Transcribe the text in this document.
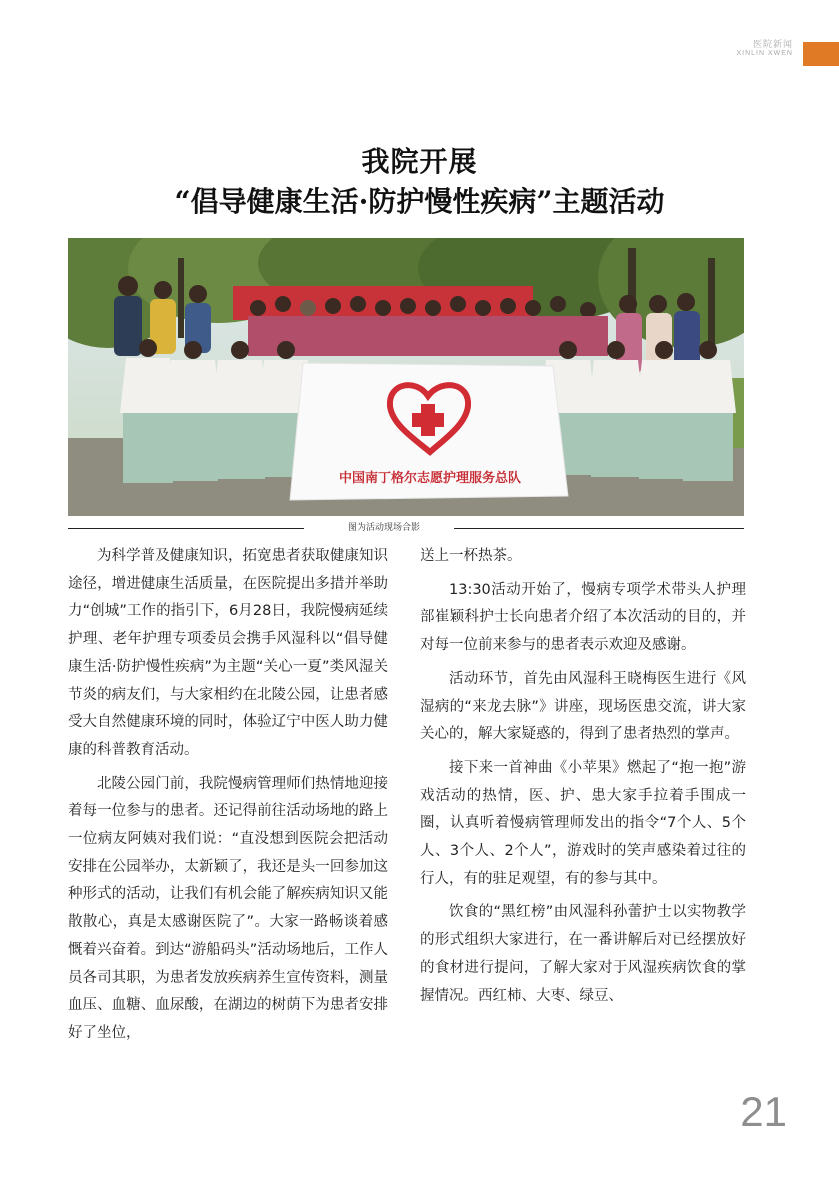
医院新闻
XINLIN XWEN
我院开展
“倡导健康生活·防护慢性疾病”主题活动
中国南丁格尔志愿护理服务总队
图为活动现场合影

为科学普及健康知识，拓宽患者获取健康知识途径，增进健康生活质量，在医院提出多措并举助力“创城”工作的指引下，6月28日，我院慢病延续护理、老年护理专项委员会携手风湿科以“倡导健康生活·防护慢性疾病”为主题“关心一夏”类风湿关节炎的病友们，与大家相约在北陵公园，让患者感受大自然健康环境的同时，体验辽宁中医人助力健康的科普教育活动。

北陵公园门前，我院慢病管理师们热情地迎接着每一位参与的患者。还记得前往活动场地的路上一位病友阿姨对我们说：“直没想到医院会把活动安排在公园举办，太新颖了，我还是头一回参加这种形式的活动，让我们有机会能了解疾病知识又能散散心，真是太感谢医院了”。大家一路畅谈着感慨着兴奋着。到达“游船码头”活动场地后，工作人员各司其职，为患者发放疾病养生宣传资料，测量血压、血糖、血尿酸，在湖边的树荫下为患者安排好了坐位，

送上一杯热茶。

13:30活动开始了，慢病专项学术带头人护理部崔颖科护士长向患者介绍了本次活动的目的，并对每一位前来参与的患者表示欢迎及感谢。

活动环节，首先由风湿科王晓梅医生进行《风湿病的“来龙去脉”》讲座，现场医患交流，讲大家关心的，解大家疑惑的，得到了患者热烈的掌声。

接下来一首神曲《小苹果》燃起了“抱一抱”游戏活动的热情，医、护、患大家手拉着手围成一圈，认真听着慢病管理师发出的指令“7个人、5个人、3个人、2个人”，游戏时的笑声感染着过往的行人，有的驻足观望，有的参与其中。

饮食的“黑红榜”由风湿科孙蕾护士以实物教学的形式组织大家进行，在一番讲解后对已经摆放好的食材进行提问，了解大家对于风湿疾病饮食的掌握情况。西红柿、大枣、绿豆、

21
